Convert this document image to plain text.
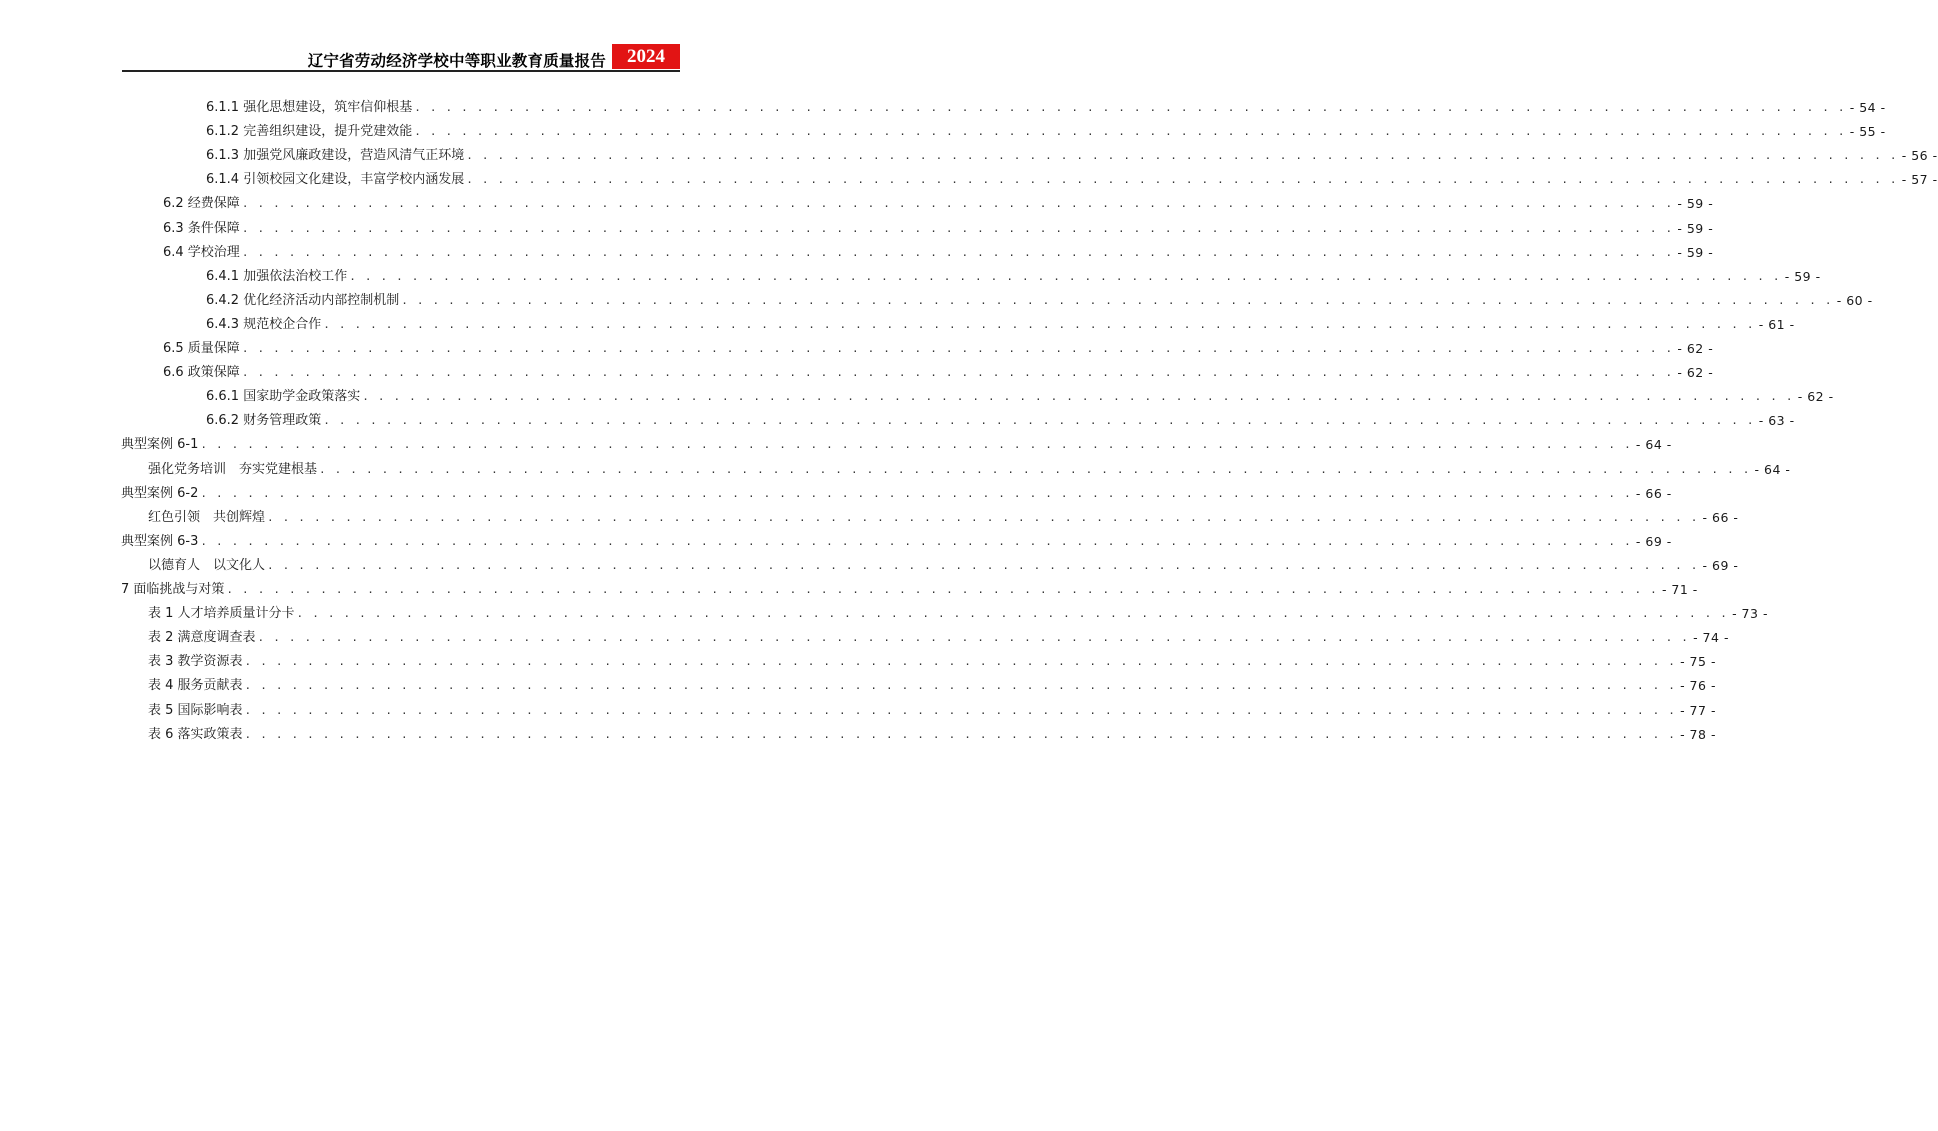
辽宁省劳动经济学校中等职业教育质量报告	2024
6.1.1 强化思想建设，筑牢信仰根基 . . . . . . . . . . . . . . . . . . . . . . . . . . . . . . . . . . . . . . . . . . . . . . . . . . . . . . . . . . . . . . . . . . . . . . . . . . . . . . . . . . . . . . . . . . . . - 54 -
6.1.2 完善组织建设，提升党建效能 . . . . . . . . . . . . . . . . . . . . . . . . . . . . . . . . . . . . . . . . . . . . . . . . . . . . . . . . . . . . . . . . . . . . . . . . . . . . . . . . . . . . . . . . . . . . - 55 -
6.1.3 加强党风廉政建设，营造风清气正环境 . . . . . . . . . . . . . . . . . . . . . . . . . . . . . . . . . . . . . . . . . . . . . . . . . . . . . . . . . . . . . . . . . . . . . . . . . . . . . . . . . . . . . . . . . . . . - 56 -
6.1.4 引领校园文化建设，丰富学校内涵发展 . . . . . . . . . . . . . . . . . . . . . . . . . . . . . . . . . . . . . . . . . . . . . . . . . . . . . . . . . . . . . . . . . . . . . . . . . . . . . . . . . . . . . . . . . . . . - 57 -
6.2 经费保障 . . . . . . . . . . . . . . . . . . . . . . . . . . . . . . . . . . . . . . . . . . . . . . . . . . . . . . . . . . . . . . . . . . . . . . . . . . . . . . . . . . . . . . . . . . . . - 59 -
6.3 条件保障 . . . . . . . . . . . . . . . . . . . . . . . . . . . . . . . . . . . . . . . . . . . . . . . . . . . . . . . . . . . . . . . . . . . . . . . . . . . . . . . . . . . . . . . . . . . . - 59 -
6.4 学校治理 . . . . . . . . . . . . . . . . . . . . . . . . . . . . . . . . . . . . . . . . . . . . . . . . . . . . . . . . . . . . . . . . . . . . . . . . . . . . . . . . . . . . . . . . . . . . - 59 -
6.4.1 加强依法治校工作 . . . . . . . . . . . . . . . . . . . . . . . . . . . . . . . . . . . . . . . . . . . . . . . . . . . . . . . . . . . . . . . . . . . . . . . . . . . . . . . . . . . . . . . . . . . . - 59 -
6.4.2 优化经济活动内部控制机制 . . . . . . . . . . . . . . . . . . . . . . . . . . . . . . . . . . . . . . . . . . . . . . . . . . . . . . . . . . . . . . . . . . . . . . . . . . . . . . . . . . . . . . . . . . . . - 60 -
6.4.3 规范校企合作 . . . . . . . . . . . . . . . . . . . . . . . . . . . . . . . . . . . . . . . . . . . . . . . . . . . . . . . . . . . . . . . . . . . . . . . . . . . . . . . . . . . . . . . . . . . . - 61 -
6.5 质量保障 . . . . . . . . . . . . . . . . . . . . . . . . . . . . . . . . . . . . . . . . . . . . . . . . . . . . . . . . . . . . . . . . . . . . . . . . . . . . . . . . . . . . . . . . . . . . - 62 -
6.6 政策保障 . . . . . . . . . . . . . . . . . . . . . . . . . . . . . . . . . . . . . . . . . . . . . . . . . . . . . . . . . . . . . . . . . . . . . . . . . . . . . . . . . . . . . . . . . . . . - 62 -
6.6.1 国家助学金政策落实 . . . . . . . . . . . . . . . . . . . . . . . . . . . . . . . . . . . . . . . . . . . . . . . . . . . . . . . . . . . . . . . . . . . . . . . . . . . . . . . . . . . . . . . . . . . . - 62 -
6.6.2 财务管理政策 . . . . . . . . . . . . . . . . . . . . . . . . . . . . . . . . . . . . . . . . . . . . . . . . . . . . . . . . . . . . . . . . . . . . . . . . . . . . . . . . . . . . . . . . . . . . - 63 -
典型案例 6-1 . . . . . . . . . . . . . . . . . . . . . . . . . . . . . . . . . . . . . . . . . . . . . . . . . . . . . . . . . . . . . . . . . . . . . . . . . . . . . . . . . . . . . . . . . . . . - 64 -
强化党务培训　夯实党建根基 . . . . . . . . . . . . . . . . . . . . . . . . . . . . . . . . . . . . . . . . . . . . . . . . . . . . . . . . . . . . . . . . . . . . . . . . . . . . . . . . . . . . . . . . . . . . - 64 -
典型案例 6-2 . . . . . . . . . . . . . . . . . . . . . . . . . . . . . . . . . . . . . . . . . . . . . . . . . . . . . . . . . . . . . . . . . . . . . . . . . . . . . . . . . . . . . . . . . . . . - 66 -
红色引领　共创辉煌 . . . . . . . . . . . . . . . . . . . . . . . . . . . . . . . . . . . . . . . . . . . . . . . . . . . . . . . . . . . . . . . . . . . . . . . . . . . . . . . . . . . . . . . . . . . . - 66 -
典型案例 6-3 . . . . . . . . . . . . . . . . . . . . . . . . . . . . . . . . . . . . . . . . . . . . . . . . . . . . . . . . . . . . . . . . . . . . . . . . . . . . . . . . . . . . . . . . . . . . - 69 -
以德育人　以文化人 . . . . . . . . . . . . . . . . . . . . . . . . . . . . . . . . . . . . . . . . . . . . . . . . . . . . . . . . . . . . . . . . . . . . . . . . . . . . . . . . . . . . . . . . . . . . - 69 -
7 面临挑战与对策 . . . . . . . . . . . . . . . . . . . . . . . . . . . . . . . . . . . . . . . . . . . . . . . . . . . . . . . . . . . . . . . . . . . . . . . . . . . . . . . . . . . . . . . . . . . . - 71 -
表 1 人才培养质量计分卡 . . . . . . . . . . . . . . . . . . . . . . . . . . . . . . . . . . . . . . . . . . . . . . . . . . . . . . . . . . . . . . . . . . . . . . . . . . . . . . . . . . . . . . . . . . . . - 73 -
表 2 满意度调查表 . . . . . . . . . . . . . . . . . . . . . . . . . . . . . . . . . . . . . . . . . . . . . . . . . . . . . . . . . . . . . . . . . . . . . . . . . . . . . . . . . . . . . . . . . . . . - 74 -
表 3 教学资源表 . . . . . . . . . . . . . . . . . . . . . . . . . . . . . . . . . . . . . . . . . . . . . . . . . . . . . . . . . . . . . . . . . . . . . . . . . . . . . . . . . . . . . . . . . . . . - 75 -
表 4 服务贡献表 . . . . . . . . . . . . . . . . . . . . . . . . . . . . . . . . . . . . . . . . . . . . . . . . . . . . . . . . . . . . . . . . . . . . . . . . . . . . . . . . . . . . . . . . . . . . - 76 -
表 5 国际影响表 . . . . . . . . . . . . . . . . . . . . . . . . . . . . . . . . . . . . . . . . . . . . . . . . . . . . . . . . . . . . . . . . . . . . . . . . . . . . . . . . . . . . . . . . . . . . - 77 -
表 6 落实政策表 . . . . . . . . . . . . . . . . . . . . . . . . . . . . . . . . . . . . . . . . . . . . . . . . . . . . . . . . . . . . . . . . . . . . . . . . . . . . . . . . . . . . . . . . . . . . - 78 -
